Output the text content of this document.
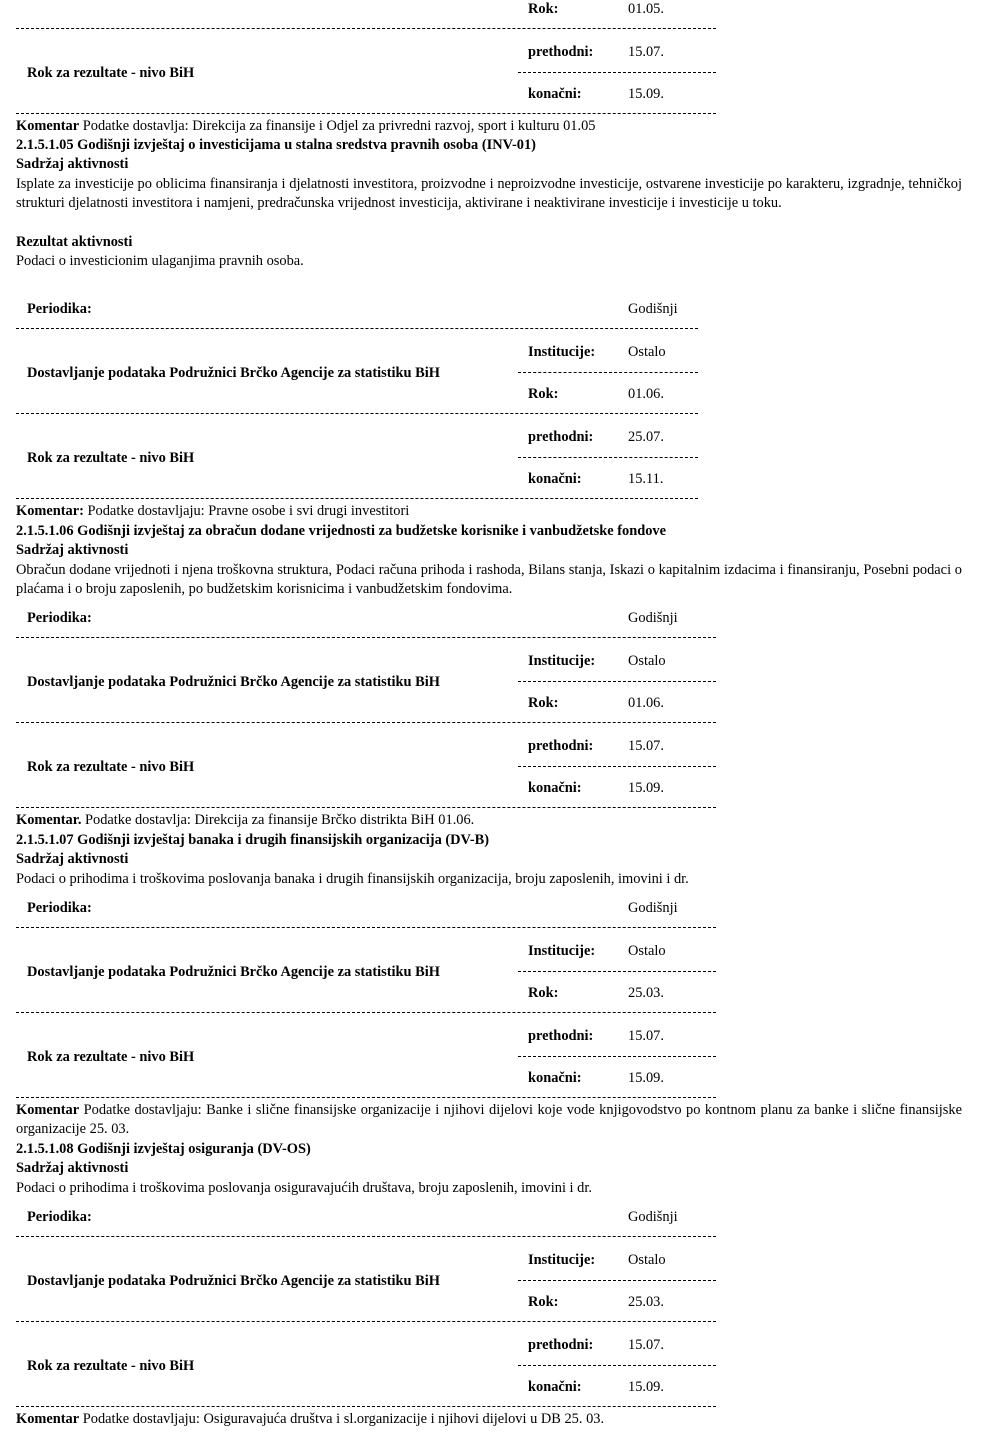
Rok:	01.05.
Rok za rezultate - nivo BiH
prethodni: 15.07.
konačni:	15.09.
Komentar Podatke dostavlja: Direkcija za finansije i Odjel za privredni razvoj, sport i kulturu 01.05
2.1.5.1.05 Godišnji izvještaj o investicijama u stalna sredstva pravnih osoba (INV-01)
Sadržaj aktivnosti
Isplate za investicije po oblicima finansiranja i djelatnosti investitora, proizvodne i neproizvodne investicije, ostvarene investicije po karakteru, izgradnje, tehničkoj strukturi djelatnosti investitora i namjeni, predračunska vrijednost investicija, aktivirane i neaktivirane investicije i investicije u toku.
Rezultat aktivnosti
Podaci o investicionim ulaganjima pravnih osoba.
Periodika:	Godišnji
Dostavljanje podataka Podružnici Brčko Agencije za statistiku BiH
Institucije: Ostalo
Rok:	01.06.
Rok za rezultate - nivo BiH
prethodni: 25.07.
konačni:	15.11.
Komentar: Podatke dostavljaju: Pravne osobe i svi drugi investitori
2.1.5.1.06 Godišnji izvještaj za obračun dodane vrijednosti za budžetske korisnike i vanbudžetske fondove
Sadržaj aktivnosti
Obračun dodane vrijednoti i njena troškovna struktura, Podaci računa prihoda i rashoda, Bilans stanja, Iskazi o kapitalnim izdacima i finansiranju, Posebni podaci o plaćama i o broju zaposlenih, po budžetskim korisnicima i vanbudžetskim fondovima.
Periodika:	Godišnji
Dostavljanje podataka Podružnici Brčko Agencije za statistiku BiH
Institucije: Ostalo
Rok:	01.06.
Rok za rezultate - nivo BiH
prethodni: 15.07.
konačni:	15.09.
Komentar. Podatke dostavlja: Direkcija za finansije Brčko distrikta BiH 01.06.
2.1.5.1.07 Godišnji izvještaj banaka i drugih finansijskih organizacija (DV-B)
Sadržaj aktivnosti
Podaci o prihodima i troškovima poslovanja banaka i drugih finansijskih organizacija, broju zaposlenih, imovini i dr.
Periodika:	Godišnji
Dostavljanje podataka Podružnici Brčko Agencije za statistiku BiH
Institucije: Ostalo
Rok:	25.03.
Rok za rezultate - nivo BiH
prethodni: 15.07.
konačni:	15.09.
Komentar Podatke dostavljaju: Banke i slične finansijske organizacije i njihovi dijelovi koje vode knjigovodstvo po kontnom planu za banke i slične finansijske organizacije 25. 03.
2.1.5.1.08 Godišnji izvještaj osiguranja (DV-OS)
Sadržaj aktivnosti
Podaci o prihodima i troškovima poslovanja osiguravajućih društava, broju zaposlenih, imovini i dr.
Periodika:	Godišnji
Dostavljanje podataka Podružnici Brčko Agencije za statistiku BiH
Institucije: Ostalo
Rok:	25.03.
Rok za rezultate - nivo BiH
prethodni: 15.07.
konačni:	15.09.
Komentar Podatke dostavljaju: Osiguravajuća društva i sl.organizacije i njihovi dijelovi u DB 25. 03.
